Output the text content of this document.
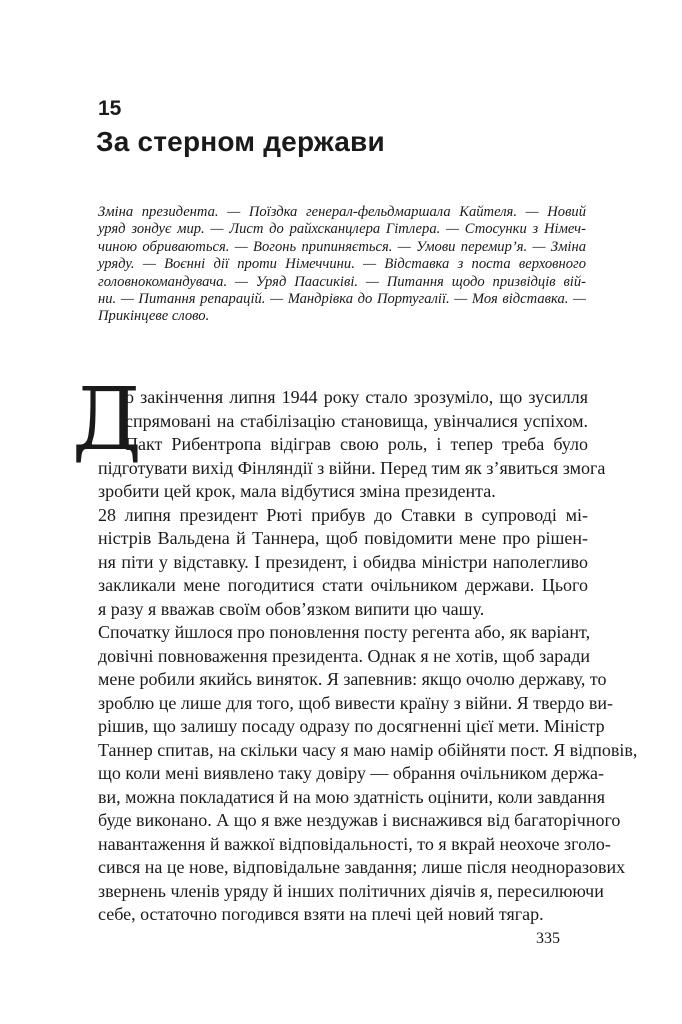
15
За стерном держави
Зміна президента. — Поїздка генерал-фельдмаршала Кайтеля. — Новий
уряд зондує мир. — Лист до райхсканцлера Гітлера. — Стосунки з Німеч-
чиною обриваються. — Вогонь припиняється. — Умови перемир’я. — Зміна
уряду. — Воєнні дії проти Німеччини. — Відставка з поста верховного
головнокомандувача. — Уряд Паасиківі. — Питання щодо призвідців вій-
ни. — Питання репарацій. — Мандрівка до Португалії. — Моя відставка. —
Прикінцеве слово.
Д
о закінчення липня 1944 року стало зрозуміло, що зусилля
спрямовані на стабілізацію становища, увінчалися успіхом.
Пакт Рибентропа відіграв свою роль, і тепер треба було
підготувати вихід Фінляндії з війни. Перед тим як з’явиться змога
зробити цей крок, мала відбутися зміна президента.
28 липня президент Рюті прибув до Ставки в супроводі мі-
ністрів Вальдена й Таннера, щоб повідомити мене про рішен-
ня піти у відставку. І президент, і обидва міністри наполегливо
закликали мене погодитися стати очільником держави. Цього
я разу я вважав своїм обов’язком випити цю чашу.
Спочатку йшлося про поновлення посту регента або, як варіант,
довічні повноваження президента. Однак я не хотів, щоб заради
мене робили якийсь виняток. Я запевнив: якщо очолю державу, то
зроблю це лише для того, щоб вивести країну з війни. Я твердо ви-
рішив, що залишу посаду одразу по досягненні цієї мети. Міністр
Таннер спитав, на скільки часу я маю намір обійняти пост. Я відповів,
що коли мені виявлено таку довіру — обрання очільником держа-
ви, можна покладатися й на мою здатність оцінити, коли завдання
буде виконано. А що я вже нездужав і виснажився від багаторічного
навантаження й важкої відповідальності, то я вкрай неохоче зголо-
сився на це нове, відповідальне завдання; лише після неодноразових
звернень членів уряду й інших політичних діячів я, пересилюючи
себе, остаточно погодився взяти на плечі цей новий тягар.
335
